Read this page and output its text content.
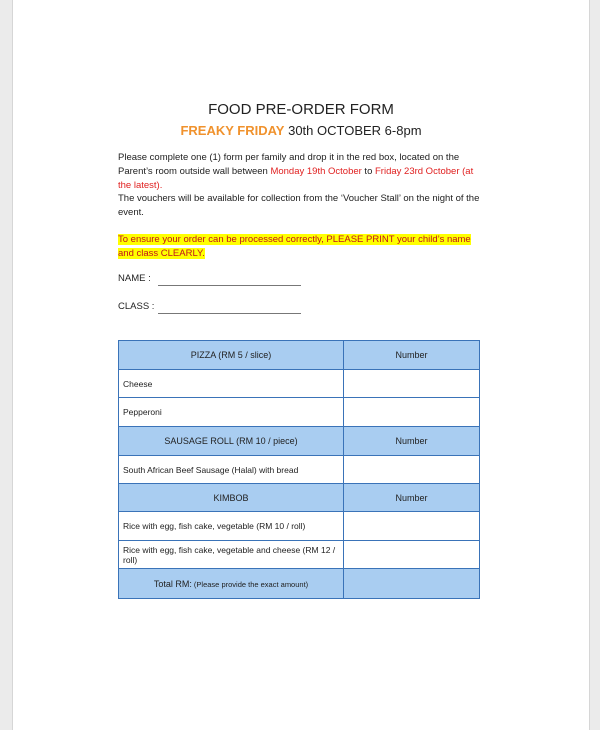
FOOD PRE-ORDER FORM
FREAKY FRIDAY 30th OCTOBER 6-8pm
Please complete one (1) form per family and drop it in the red box, located on the Parent’s room outside wall between Monday 19th October to Friday 23rd October (at the latest).
The vouchers will be available for collection from the ‘Voucher Stall’ on the night of the event.
To ensure your order can be processed correctly, PLEASE PRINT your child’s name and class CLEARLY.
NAME :
CLASS :
PIZZA (RM 5 / slice)	Number
Cheese	
Pepperoni	
SAUSAGE ROLL (RM 10 / piece)	Number
South African Beef Sausage (Halal) with bread	
KIMBOB	Number
Rice with egg, fish cake, vegetable (RM 10 / roll)	
Rice with egg, fish cake, vegetable and cheese (RM 12 / roll)	
Total RM: (Please provide the exact amount)	
